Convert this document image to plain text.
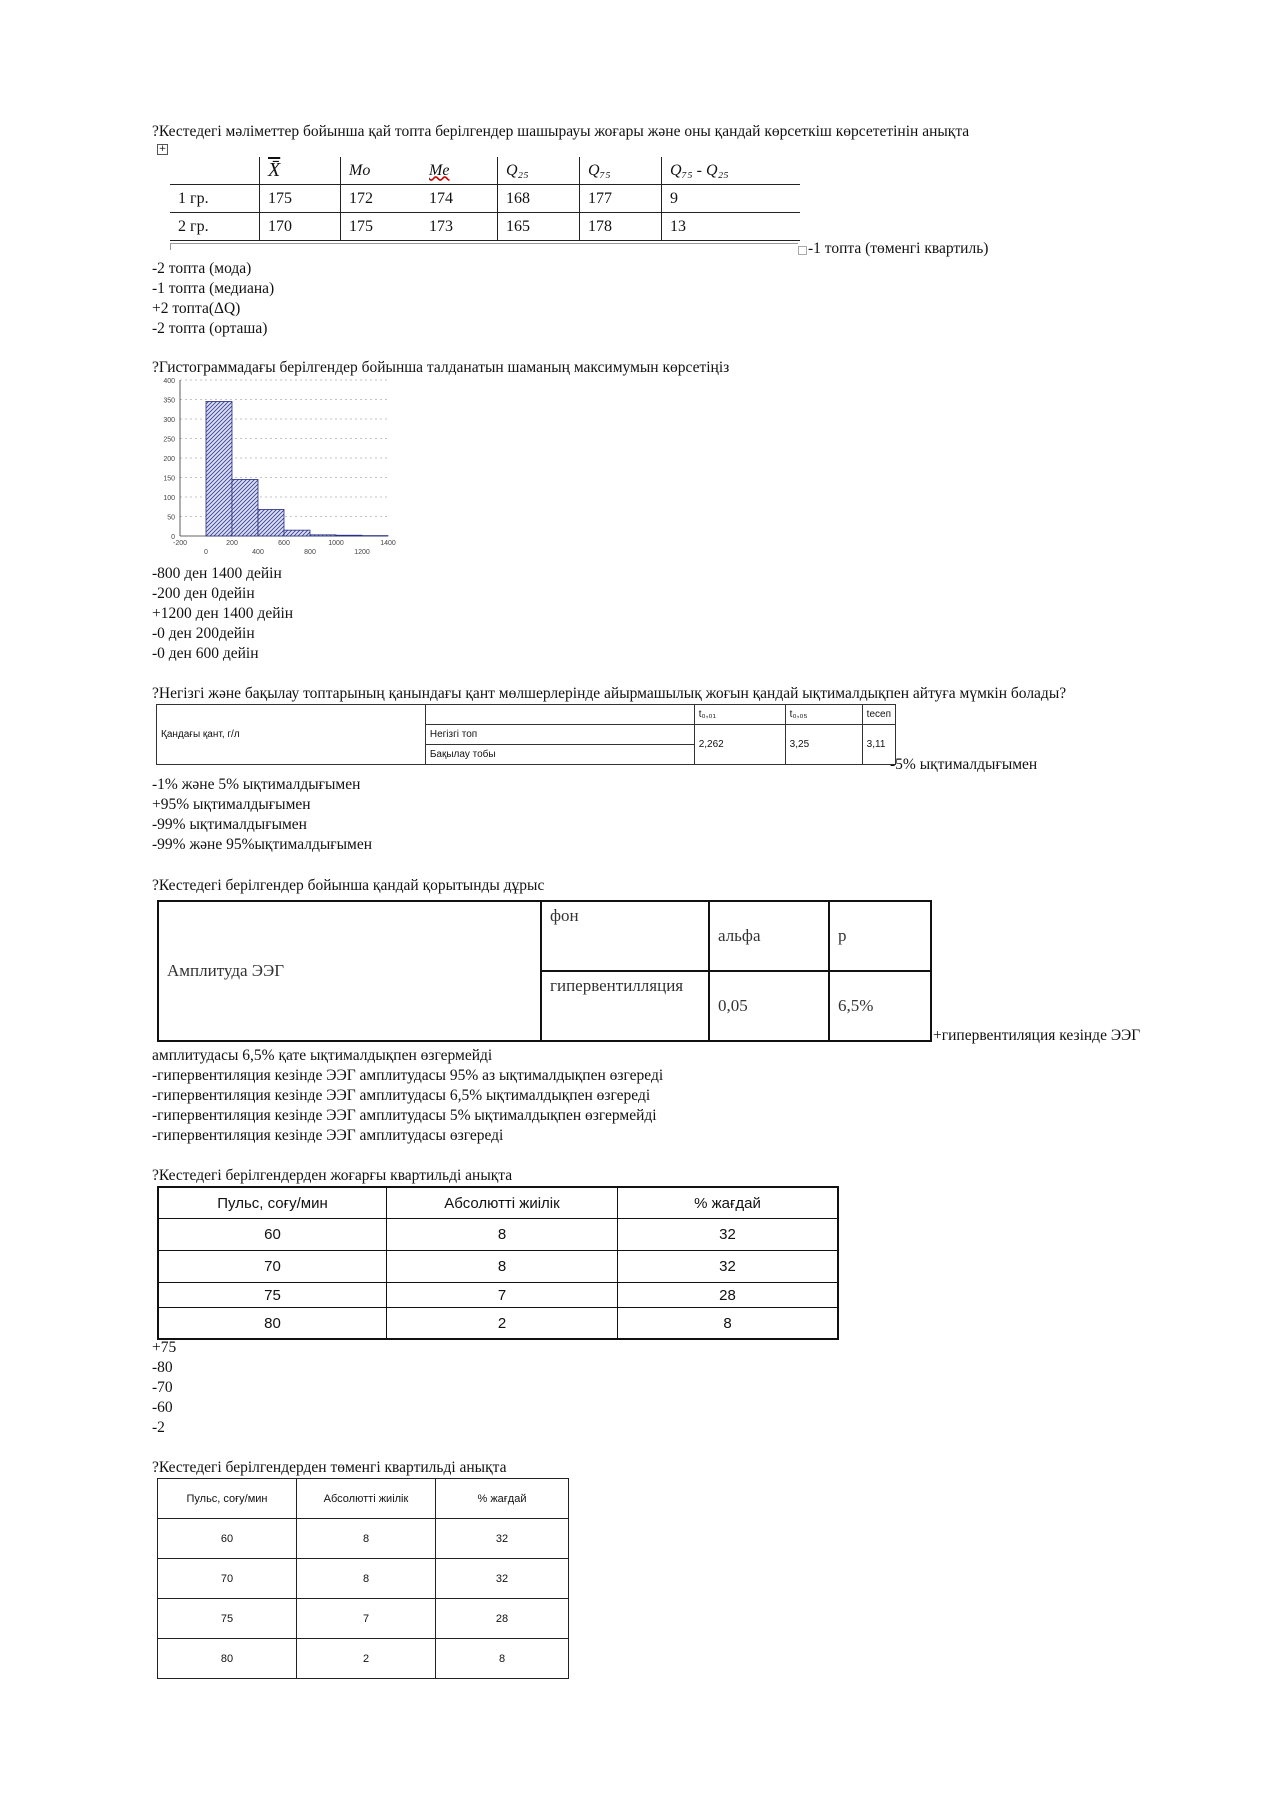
?Кестедегі мәліметтер бойынша қай топта берілгендер шашырауы жоғары және оны қандай көрсеткіш көрсететінін анықта
+
	X̄	Mo	Me	Q₂₅	Q₇₅	Q₇₅ - Q₂₅
1 гр.	175	172	174	168	177	9
2 гр.	170	175	173	165	178	13
-1 топта (төменгі квартиль)
-2 топта (мода)
-1 топта (медиана)
+2 топта(ΔQ)
-2 топта (орташа)
?Гистограммадағы берілгендер бойынша талданатын шаманың максимумын көрсетіңіз
400
350
300
250
200
150
100
50
0
-200	200	600	1000	1400
0	400	800	1200
-800 ден 1400 дейін
-200 ден 0дейін
+1200 ден 1400 дейін
-0 ден 200дейін
-0 ден 600 дейін
?Негізгі және бақылау топтарының қанындағы қант мөлшерлерінде айырмашылық жоғын қандай ықтималдықпен айтуға мүмкін болады?
Қандағы қант, г/л		t₀,₀₁	t₀,₀₅	tесеп
	Негізгі топ	2,262	3,25	3,11
	Бақылау тобы			
-5% ықтималдығымен
-1% және 5% ықтималдығымен
+95% ықтималдығымен
-99% ықтималдығымен
-99% және 95%ықтималдығымен
?Кестедегі берілгендер бойынша қандай қорытынды дұрыс
Амплитуда ЭЭГ	фон	альфа	p
	гипервентилляция	0,05	6,5%
+гипервентиляция кезінде ЭЭГ
амплитудасы 6,5% қате ықтималдықпен өзгермейді
-гипервентиляция кезінде ЭЭГ амплитудасы 95% аз ықтималдықпен өзгереді
-гипервентиляция кезінде ЭЭГ амплитудасы 6,5% ықтималдықпен өзгереді
-гипервентиляция кезінде ЭЭГ амплитудасы 5% ықтималдықпен өзгермейді
-гипервентиляция кезінде ЭЭГ амплитудасы өзгереді
?Кестедегі берілгендерден жоғарғы квартильді анықта
Пульс, соғу/мин	Абсолютті жиілік	% жағдай
60	8	32
70	8	32
75	7	28
80	2	8
+75
-80
-70
-60
-2
?Кестедегі берілгендерден төменгі квартильді анықта
Пульс, соғу/мин	Абсолютті жиілік	% жағдай
60	8	32
70	8	32
75	7	28
80	2	8
